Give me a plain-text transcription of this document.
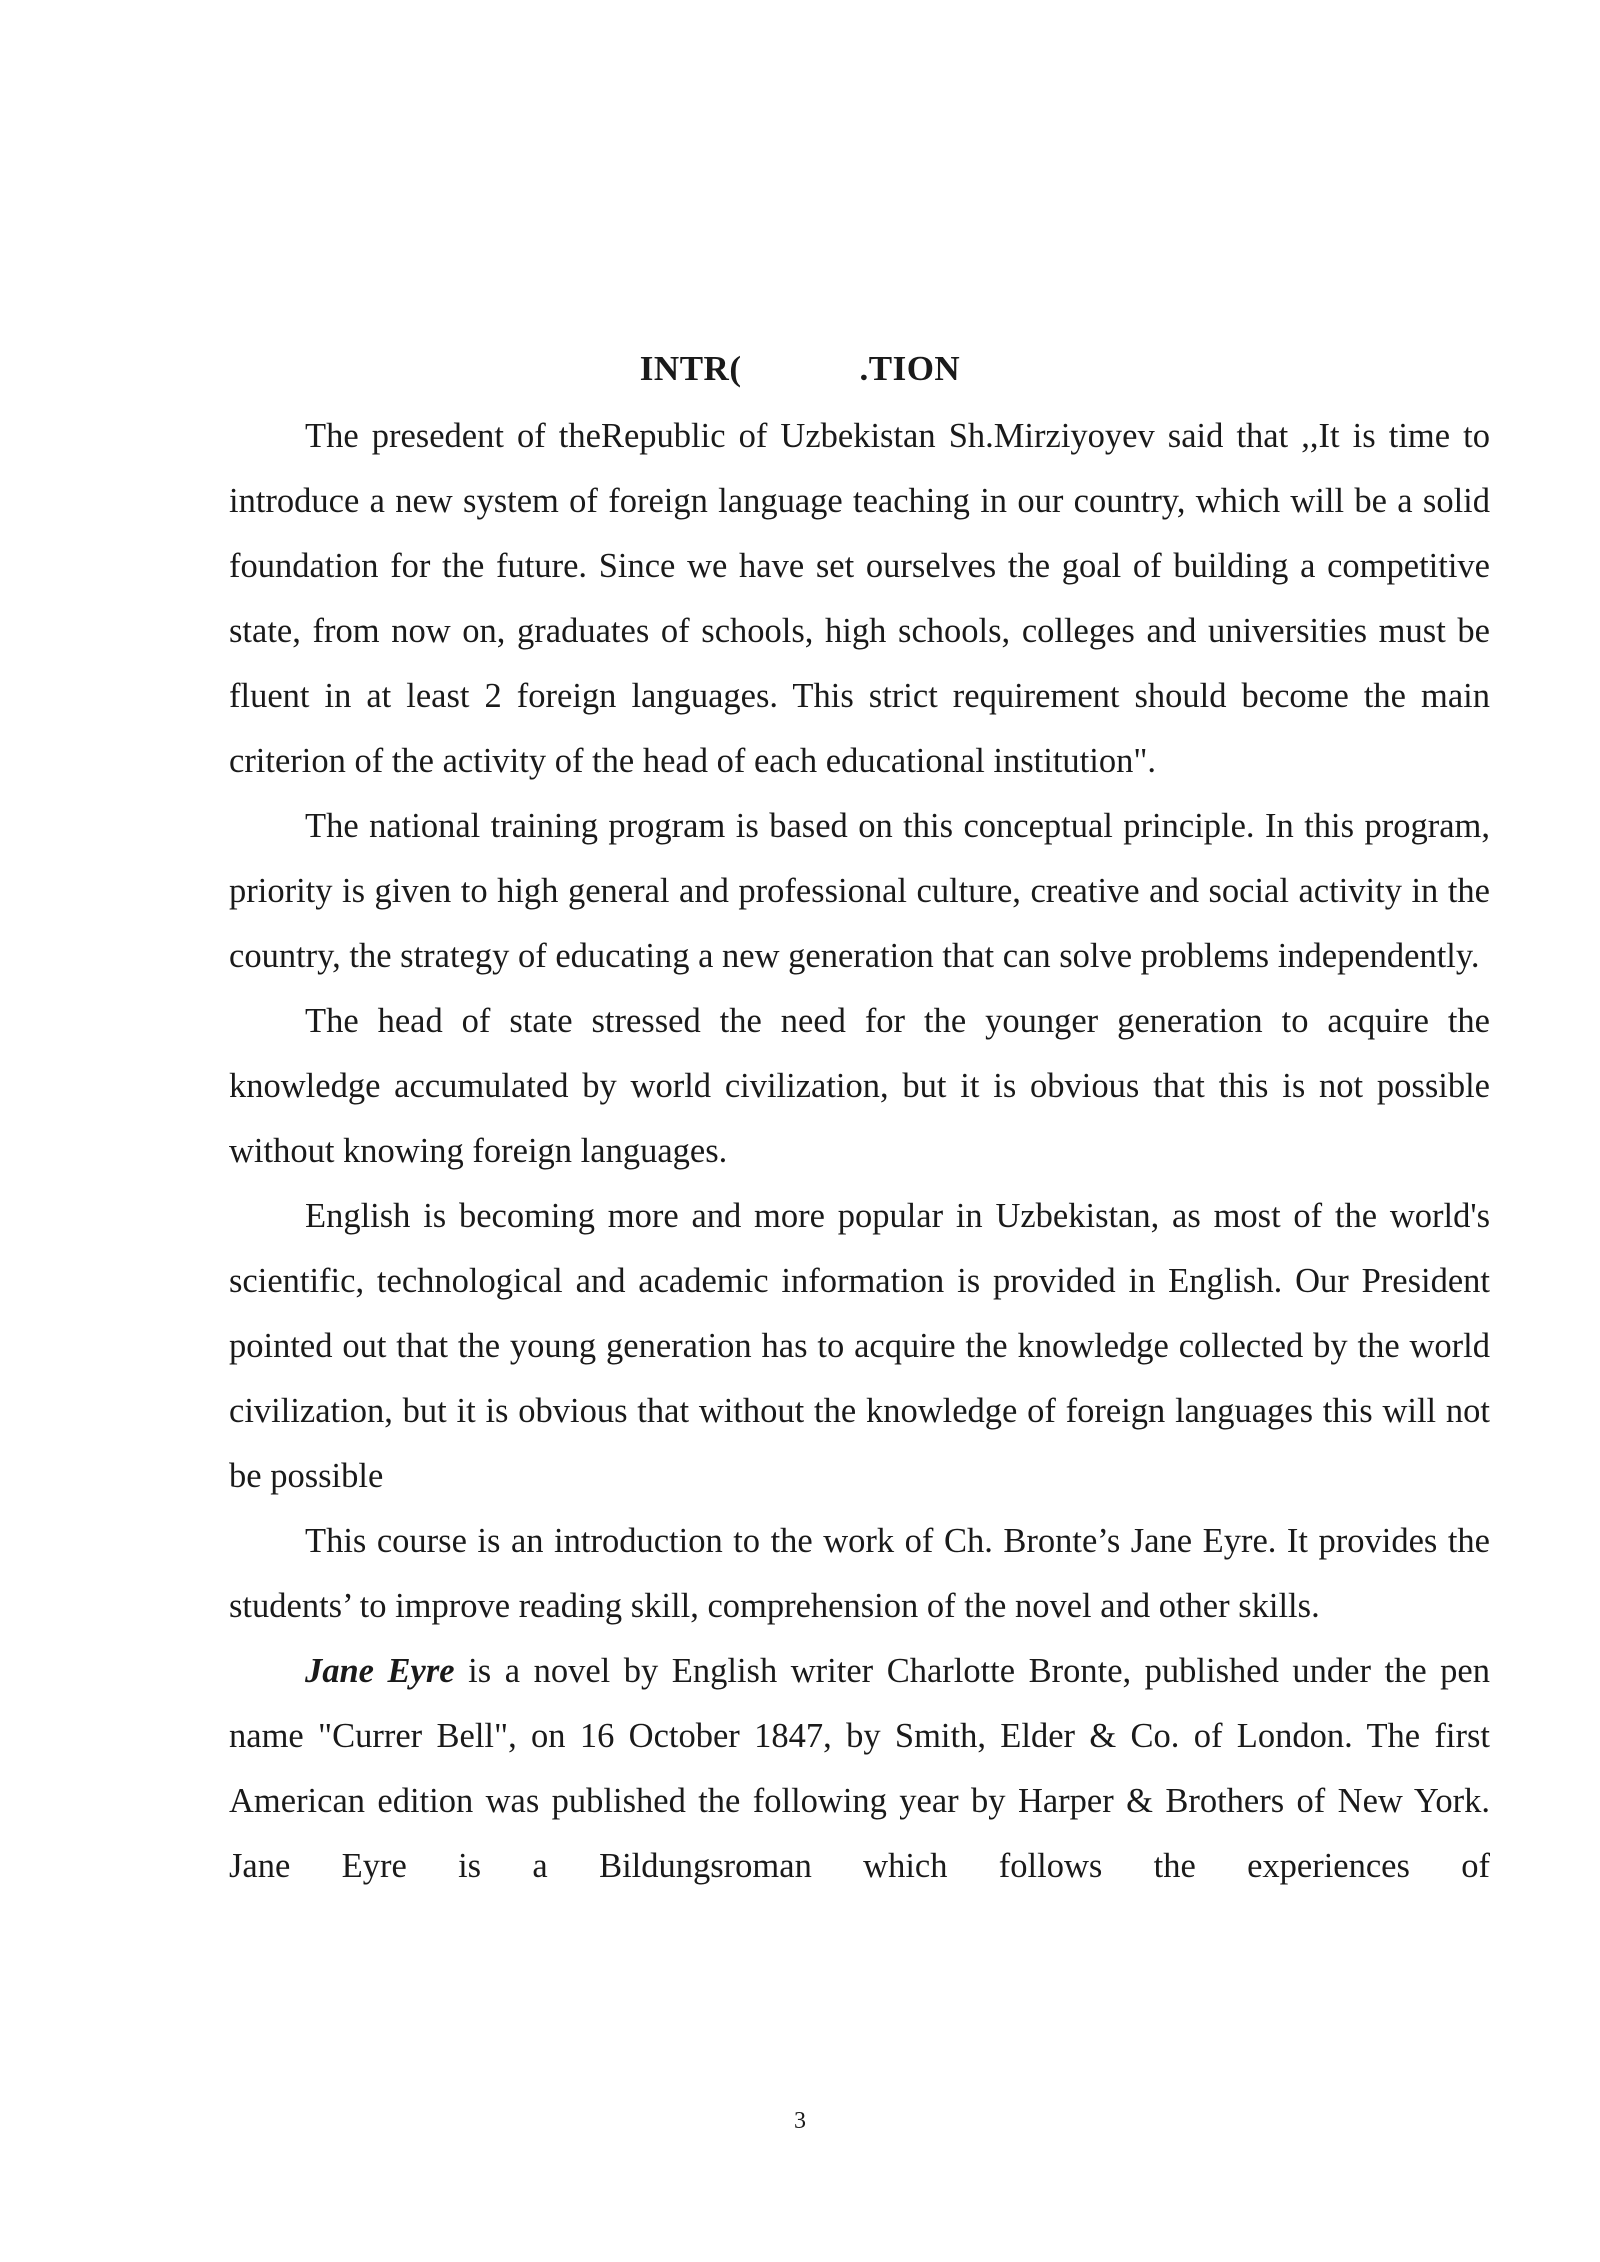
INTR(	.TION

The presedent of theRepublic of Uzbekistan Sh.Mirziyoyev said that ,,It is time to introduce a new system of foreign language teaching in our country, which will be a solid foundation for the future. Since we have set ourselves the goal of building a competitive state, from now on, graduates of schools, high schools, colleges and universities must be fluent in at least 2 foreign languages. This strict requirement should become the main criterion of the activity of the head of each educational institution".

The national training program is based on this conceptual principle. In this program, priority is given to high general and professional culture, creative and social activity in the country, the strategy of educating a new generation that can solve problems independently.

The head of state stressed the need for the younger generation to acquire the knowledge accumulated by world civilization, but it is obvious that this is not possible without knowing foreign languages.

English is becoming more and more popular in Uzbekistan, as most of the world's scientific, technological and academic information is provided in English. Our President pointed out that the young generation has to acquire the knowledge collected by the world civilization, but it is obvious that without the knowledge of foreign languages this will not be possible

This course is an introduction to the work of Ch. Bronte’s Jane Eyre. It provides the students’ to improve reading skill, comprehension of the novel and other skills.

Jane Eyre is a novel by English writer Charlotte Bronte, published under the pen name "Currer Bell", on 16 October 1847, by Smith, Elder & Co. of London. The first American edition was published the following year by Harper & Brothers of New York. Jane Eyre is a Bildungsroman which follows the experiences of

3
